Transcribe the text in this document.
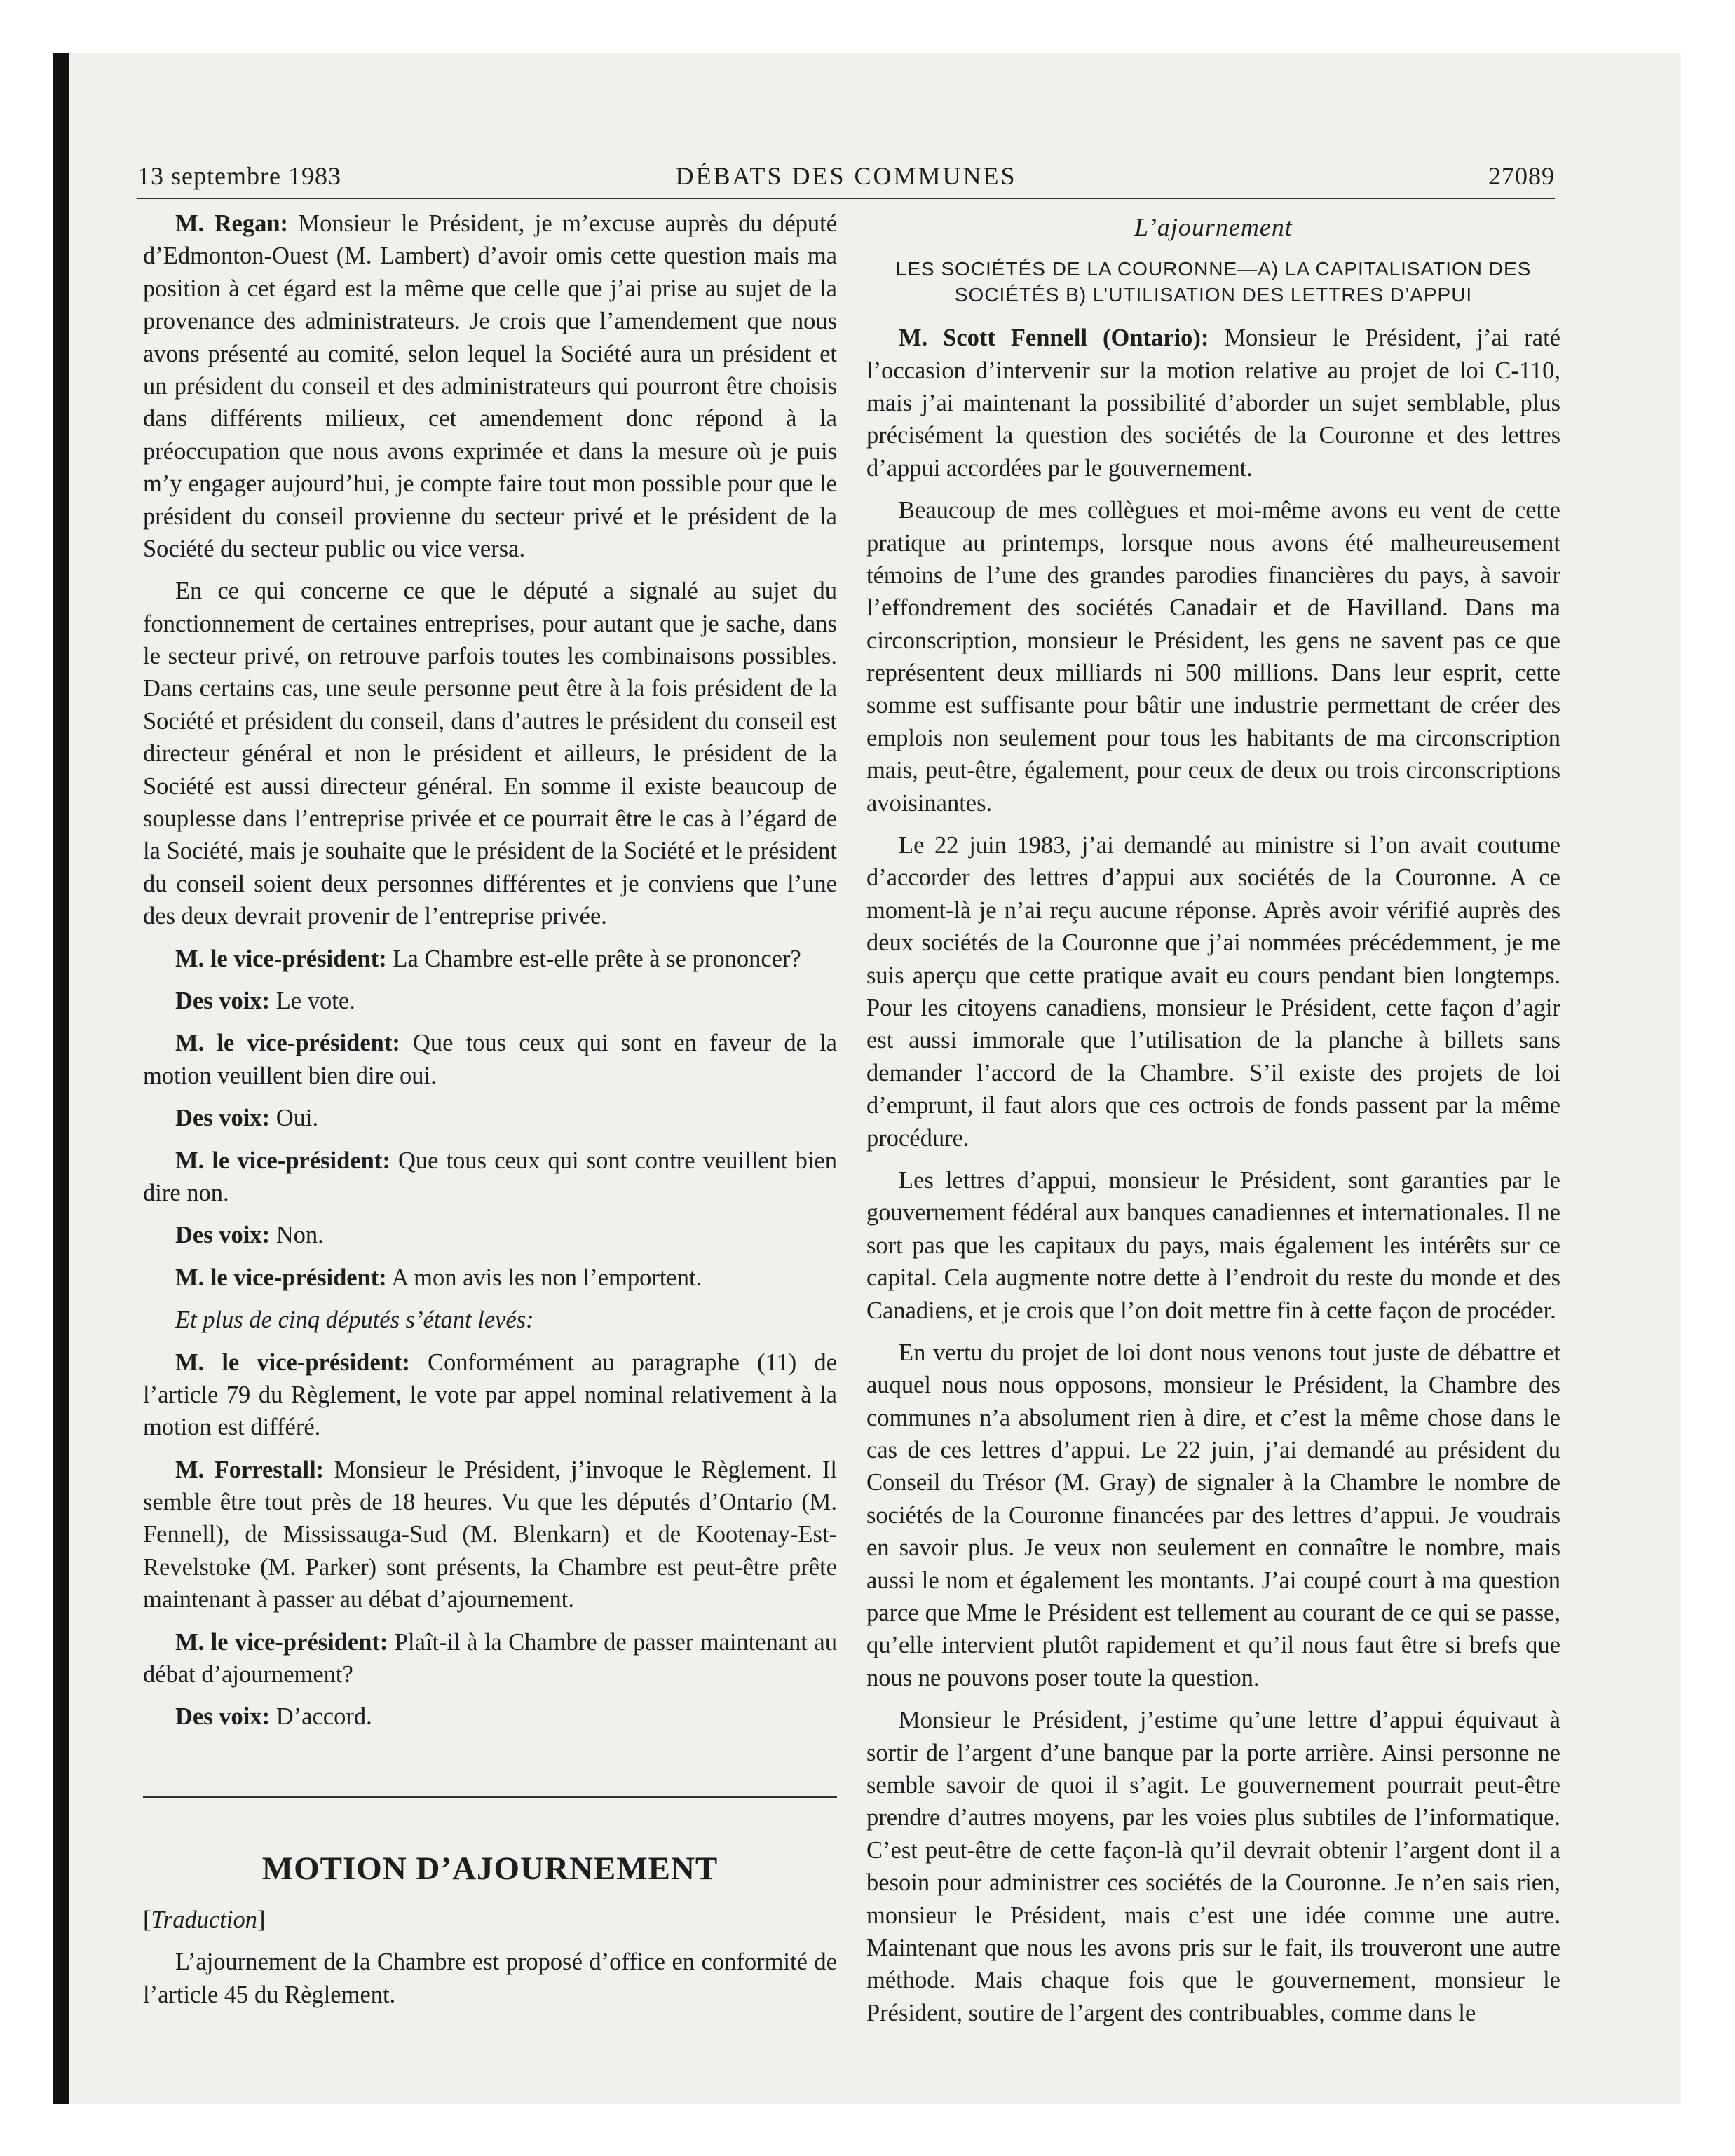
13 septembre 1983	DÉBATS DES COMMUNES	27089

M. Regan: Monsieur le Président, je m’excuse auprès du député d’Edmonton-Ouest (M. Lambert) d’avoir omis cette question mais ma position à cet égard est la même que celle que j’ai prise au sujet de la provenance des administrateurs. Je crois que l’amendement que nous avons présenté au comité, selon lequel la Société aura un président et un président du conseil et des administrateurs qui pourront être choisis dans différents milieux, cet amendement donc répond à la préoccupation que nous avons exprimée et dans la mesure où je puis m’y engager aujourd’hui, je compte faire tout mon possible pour que le président du conseil provienne du secteur privé et le président de la Société du secteur public ou vice versa.

En ce qui concerne ce que le député a signalé au sujet du fonctionnement de certaines entreprises, pour autant que je sache, dans le secteur privé, on retrouve parfois toutes les combinaisons possibles. Dans certains cas, une seule personne peut être à la fois président de la Société et président du conseil, dans d’autres le président du conseil est directeur général et non le président et ailleurs, le président de la Société est aussi directeur général. En somme il existe beaucoup de souplesse dans l’entreprise privée et ce pourrait être le cas à l’égard de la Société, mais je souhaite que le président de la Société et le président du conseil soient deux personnes différentes et je conviens que l’une des deux devrait provenir de l’entreprise privée.

M. le vice-président: La Chambre est-elle prête à se prononcer?

Des voix: Le vote.

M. le vice-président: Que tous ceux qui sont en faveur de la motion veuillent bien dire oui.

Des voix: Oui.

M. le vice-président: Que tous ceux qui sont contre veuillent bien dire non.

Des voix: Non.

M. le vice-président: A mon avis les non l’emportent.

Et plus de cinq députés s’étant levés:

M. le vice-président: Conformément au paragraphe (11) de l’article 79 du Règlement, le vote par appel nominal relativement à la motion est différé.

M. Forrestall: Monsieur le Président, j’invoque le Règlement. Il semble être tout près de 18 heures. Vu que les députés d’Ontario (M. Fennell), de Mississauga-Sud (M. Blenkarn) et de Kootenay-Est-Revelstoke (M. Parker) sont présents, la Chambre est peut-être prête maintenant à passer au débat d’ajournement.

M. le vice-président: Plaît-il à la Chambre de passer maintenant au débat d’ajournement?

Des voix: D’accord.

MOTION D’AJOURNEMENT

[Traduction]

L’ajournement de la Chambre est proposé d’office en conformité de l’article 45 du Règlement.

L’ajournement
LES SOCIÉTÉS DE LA COURONNE—A) LA CAPITALISATION DES
SOCIÉTÉS B) L’UTILISATION DES LETTRES D’APPUI

M. Scott Fennell (Ontario): Monsieur le Président, j’ai raté l’occasion d’intervenir sur la motion relative au projet de loi C-110, mais j’ai maintenant la possibilité d’aborder un sujet semblable, plus précisément la question des sociétés de la Couronne et des lettres d’appui accordées par le gouvernement.

Beaucoup de mes collègues et moi-même avons eu vent de cette pratique au printemps, lorsque nous avons été malheureusement témoins de l’une des grandes parodies financières du pays, à savoir l’effondrement des sociétés Canadair et de Havilland. Dans ma circonscription, monsieur le Président, les gens ne savent pas ce que représentent deux milliards ni 500 millions. Dans leur esprit, cette somme est suffisante pour bâtir une industrie permettant de créer des emplois non seulement pour tous les habitants de ma circonscription mais, peut-être, également, pour ceux de deux ou trois circonscriptions avoisinantes.

Le 22 juin 1983, j’ai demandé au ministre si l’on avait coutume d’accorder des lettres d’appui aux sociétés de la Couronne. A ce moment-là je n’ai reçu aucune réponse. Après avoir vérifié auprès des deux sociétés de la Couronne que j’ai nommées précédemment, je me suis aperçu que cette pratique avait eu cours pendant bien longtemps. Pour les citoyens canadiens, monsieur le Président, cette façon d’agir est aussi immorale que l’utilisation de la planche à billets sans demander l’accord de la Chambre. S’il existe des projets de loi d’emprunt, il faut alors que ces octrois de fonds passent par la même procédure.

Les lettres d’appui, monsieur le Président, sont garanties par le gouvernement fédéral aux banques canadiennes et internationales. Il ne sort pas que les capitaux du pays, mais également les intérêts sur ce capital. Cela augmente notre dette à l’endroit du reste du monde et des Canadiens, et je crois que l’on doit mettre fin à cette façon de procéder.

En vertu du projet de loi dont nous venons tout juste de débattre et auquel nous nous opposons, monsieur le Président, la Chambre des communes n’a absolument rien à dire, et c’est la même chose dans le cas de ces lettres d’appui. Le 22 juin, j’ai demandé au président du Conseil du Trésor (M. Gray) de signaler à la Chambre le nombre de sociétés de la Couronne financées par des lettres d’appui. Je voudrais en savoir plus. Je veux non seulement en connaître le nombre, mais aussi le nom et également les montants. J’ai coupé court à ma question parce que Mme le Président est tellement au courant de ce qui se passe, qu’elle intervient plutôt rapidement et qu’il nous faut être si brefs que nous ne pouvons poser toute la question.

Monsieur le Président, j’estime qu’une lettre d’appui équivaut à sortir de l’argent d’une banque par la porte arrière. Ainsi personne ne semble savoir de quoi il s’agit. Le gouvernement pourrait peut-être prendre d’autres moyens, par les voies plus subtiles de l’informatique. C’est peut-être de cette façon-là qu’il devrait obtenir l’argent dont il a besoin pour administrer ces sociétés de la Couronne. Je n’en sais rien, monsieur le Président, mais c’est une idée comme une autre. Maintenant que nous les avons pris sur le fait, ils trouveront une autre méthode. Mais chaque fois que le gouvernement, monsieur le Président, soutire de l’argent des contribuables, comme dans le
